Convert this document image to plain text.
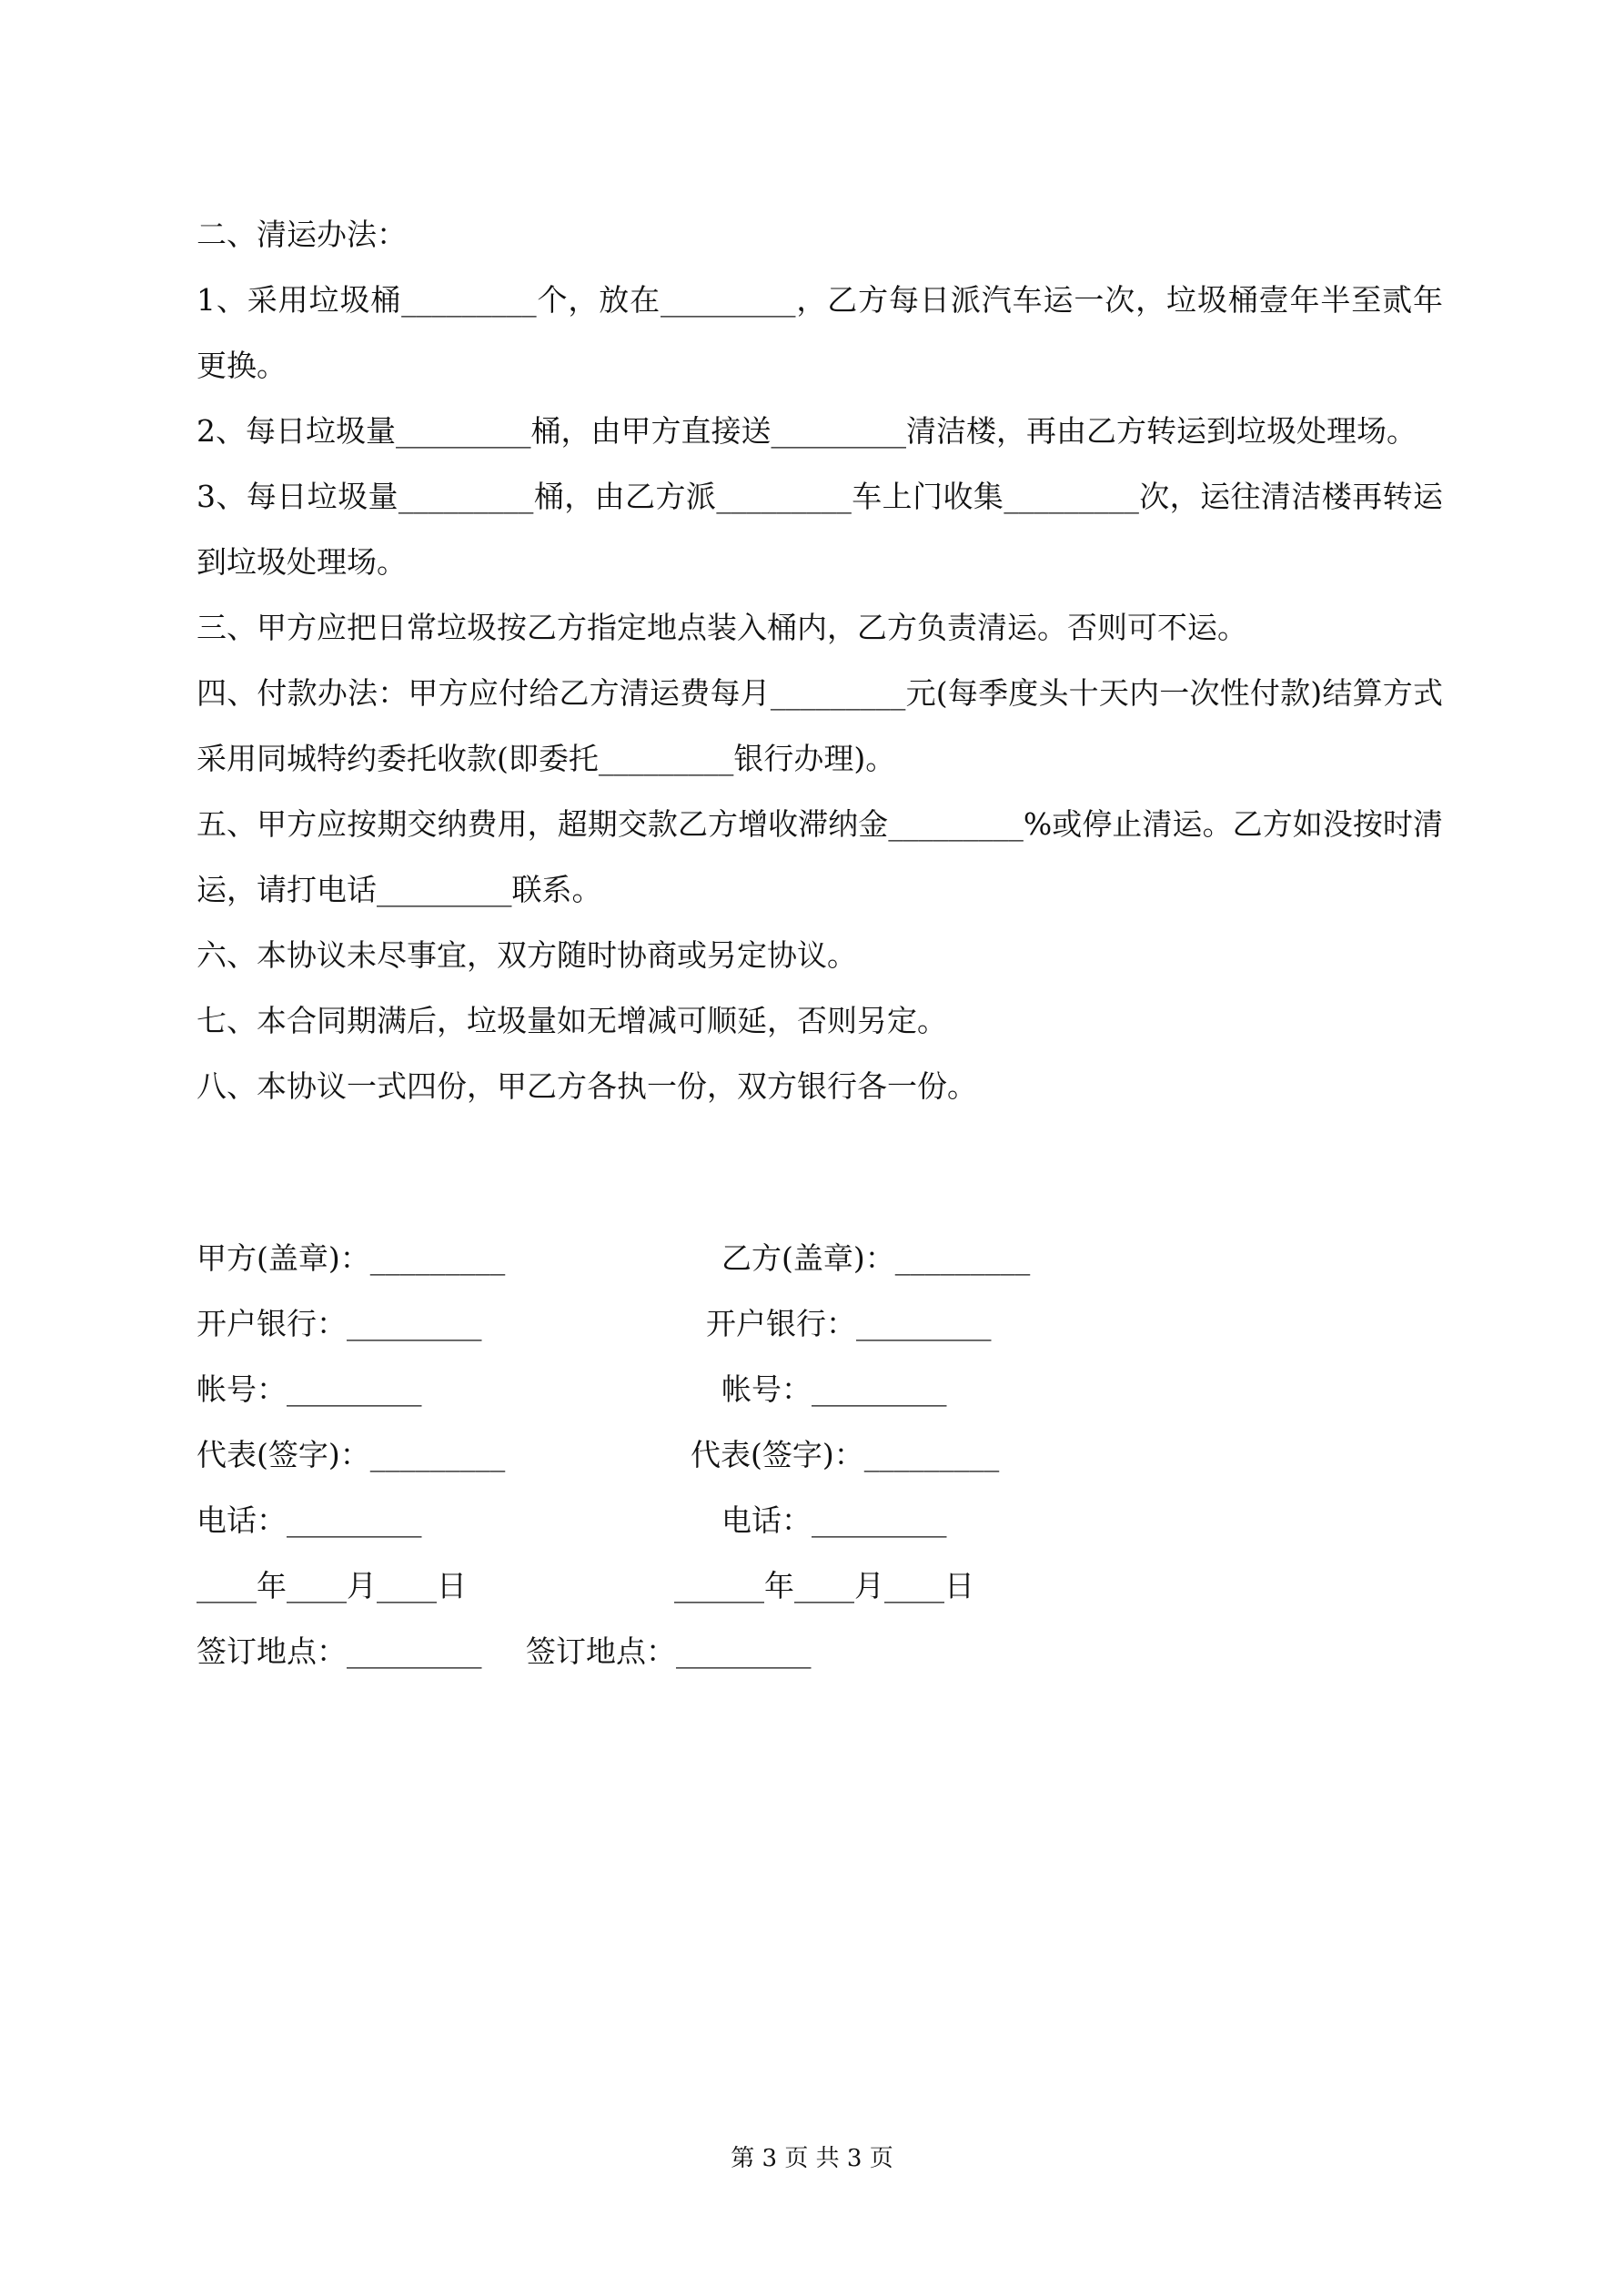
二、清运办法：

1、采用垃圾桶_________个，放在_________，乙方每日派汽车运一次，垃圾桶壹年半至贰年更换。

2、每日垃圾量_________桶，由甲方直接送_________清洁楼，再由乙方转运到垃圾处理场。

3、每日垃圾量_________桶，由乙方派_________车上门收集_________次，运往清洁楼再转运到垃圾处理场。

三、甲方应把日常垃圾按乙方指定地点装入桶内，乙方负责清运。否则可不运。

四、付款办法：甲方应付给乙方清运费每月_________元(每季度头十天内一次性付款)结算方式采用同城特约委托收款(即委托_________银行办理)。

五、甲方应按期交纳费用，超期交款乙方增收滞纳金_________%或停止清运。乙方如没按时清运，请打电话_________联系。

六、本协议未尽事宜，双方随时协商或另定协议。

七、本合同期满后，垃圾量如无增减可顺延，否则另定。

八、本协议一式四份，甲乙方各执一份，双方银行各一份。

甲方(盖章)：_________	乙方(盖章)：_________
开户银行：_________	开户银行：_________
帐号：_________	帐号：_________
代表(签字)：_________	代表(签字)：_________
电话：_________	电话：_________
____年____月____日	______年____月____日
签订地点：_________ 签订地点：_________
第 3 页 共 3 页
